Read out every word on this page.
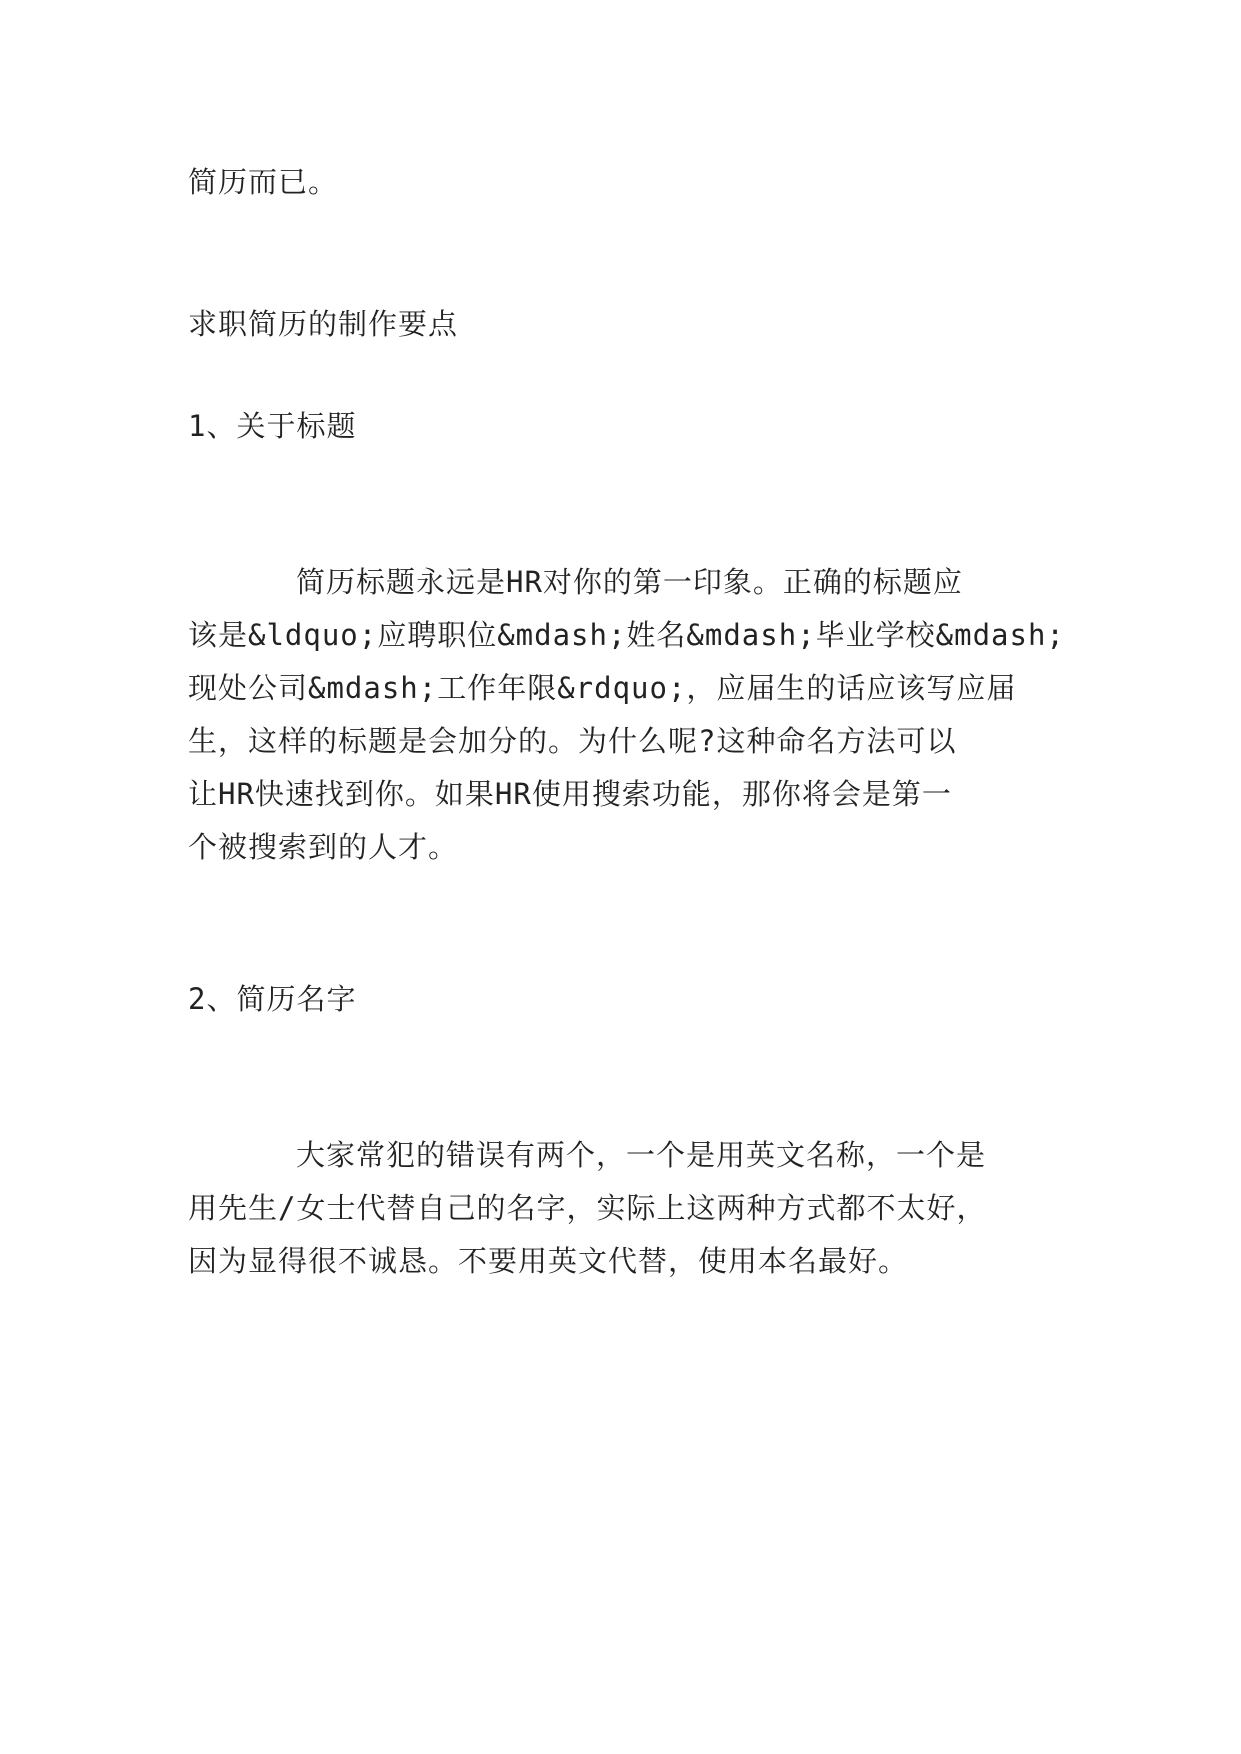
简历而已。

求职简历的制作要点

1、关于标题

简历标题永远是HR对你的第一印象。正确的标题应

该是&ldquo;应聘职位&mdash;姓名&mdash;毕业学校&mdash;

现处公司&mdash;工作年限&rdquo;，应届生的话应该写应届

生，这样的标题是会加分的。为什么呢?这种命名方法可以

让HR快速找到你。如果HR使用搜索功能，那你将会是第一

个被搜索到的人才。

2、简历名字

大家常犯的错误有两个，一个是用英文名称，一个是

用先生/女士代替自己的名字，实际上这两种方式都不太好，

因为显得很不诚恳。不要用英文代替，使用本名最好。
